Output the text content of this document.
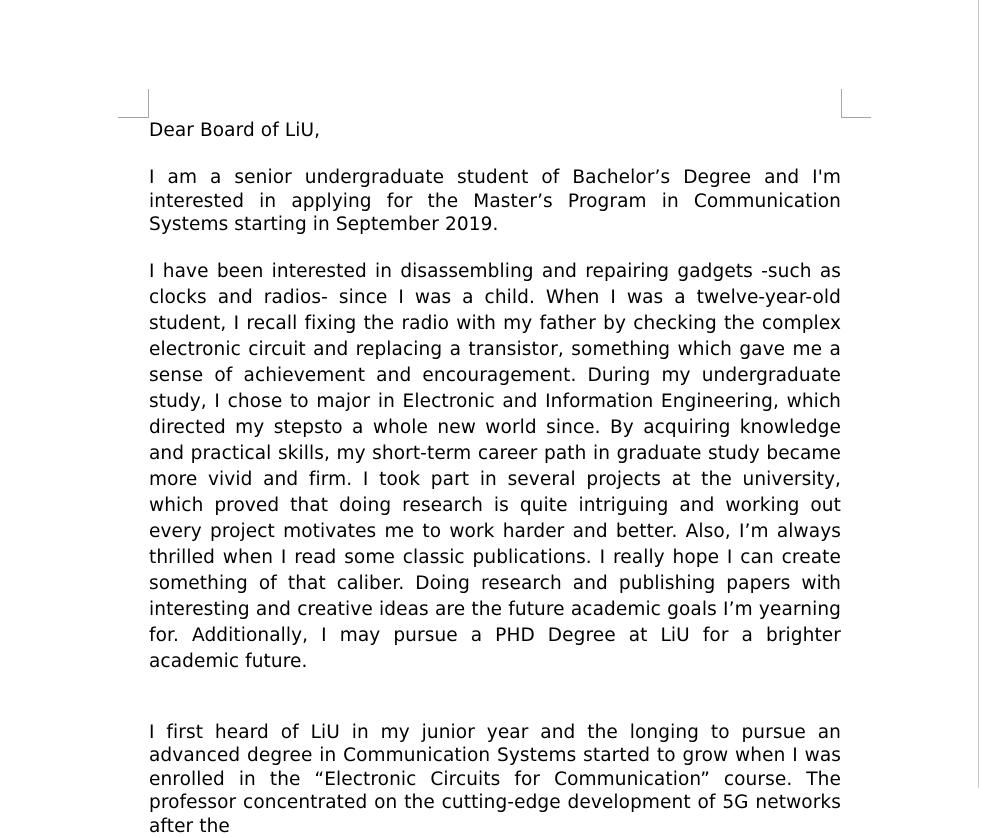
Dear Board of LiU,

I am a senior undergraduate student of Bachelor’s Degree and I'm interested in applying for the Master’s Program in Communication Systems starting in September 2019.

I have been interested in disassembling and repairing gadgets -such as clocks and radios- since I was a child. When I was a twelve-year-old student, I recall fixing the radio with my father by checking the complex electronic circuit and replacing a transistor, something which gave me a sense of achievement and encouragement. During my undergraduate study, I chose to major in Electronic and Information Engineering, which directed my stepsto a whole new world since. By acquiring knowledge and practical skills, my short-term career path in graduate study became more vivid and firm. I took part in several projects at the university, which proved that doing research is quite intriguing and working out every project motivates me to work harder and better. Also, I’m always thrilled when I read some classic publications. I really hope I can create something of that caliber. Doing research and publishing papers with interesting and creative ideas are the future academic goals I’m yearning for. Additionally, I may pursue a PHD Degree at LiU for a brighter academic future.

I first heard of LiU in my junior year and the longing to pursue an advanced degree in Communication Systems started to grow when I was enrolled in the “Electronic Circuits for Communication” course. The professor concentrated on the cutting-edge development of 5G networks after the
